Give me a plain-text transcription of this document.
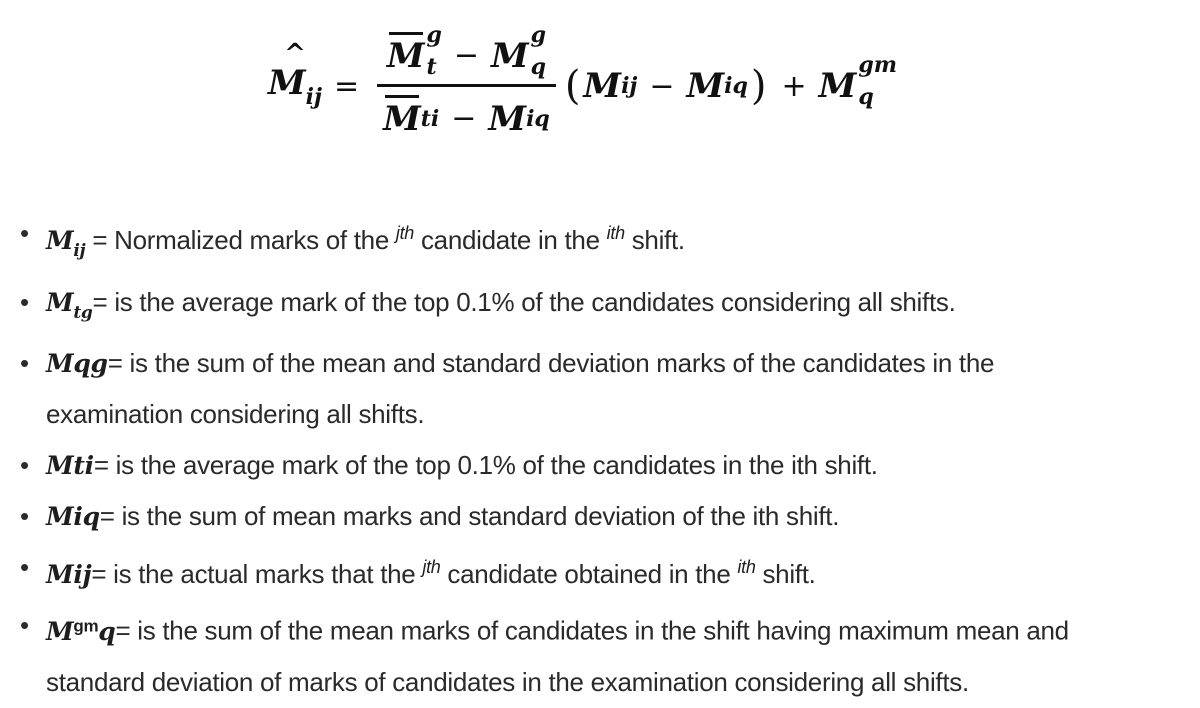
^
$M_{ij}$ =
M
g
t − M
g
q
M ti − M iq
( M ij − M iq ) + M
gm
q
• $M_{ij}$ = Normalized marks of the $^{jth}$ candidate in the $^{ith}$ shift.
• $M_{tg}=$ is the average mark of the top 0.1% of the candidates considering all shifts.
• Mqg= is the sum of the mean and standard deviation marks of the candidates in the
examination considering all shifts.
• Mti= is the average mark of the top 0.1% of the candidates in the ith shift.
• Miq= is the sum of mean marks and standard deviation of the ith shift.
• Mij= is the actual marks that the $^{jth}$ candidate obtained in the $^{ith}$ shift.
• $M^{gm}q=$ is the sum of the mean marks of candidates in the shift having maximum mean and
standard deviation of marks of candidates in the examination considering all shifts.
